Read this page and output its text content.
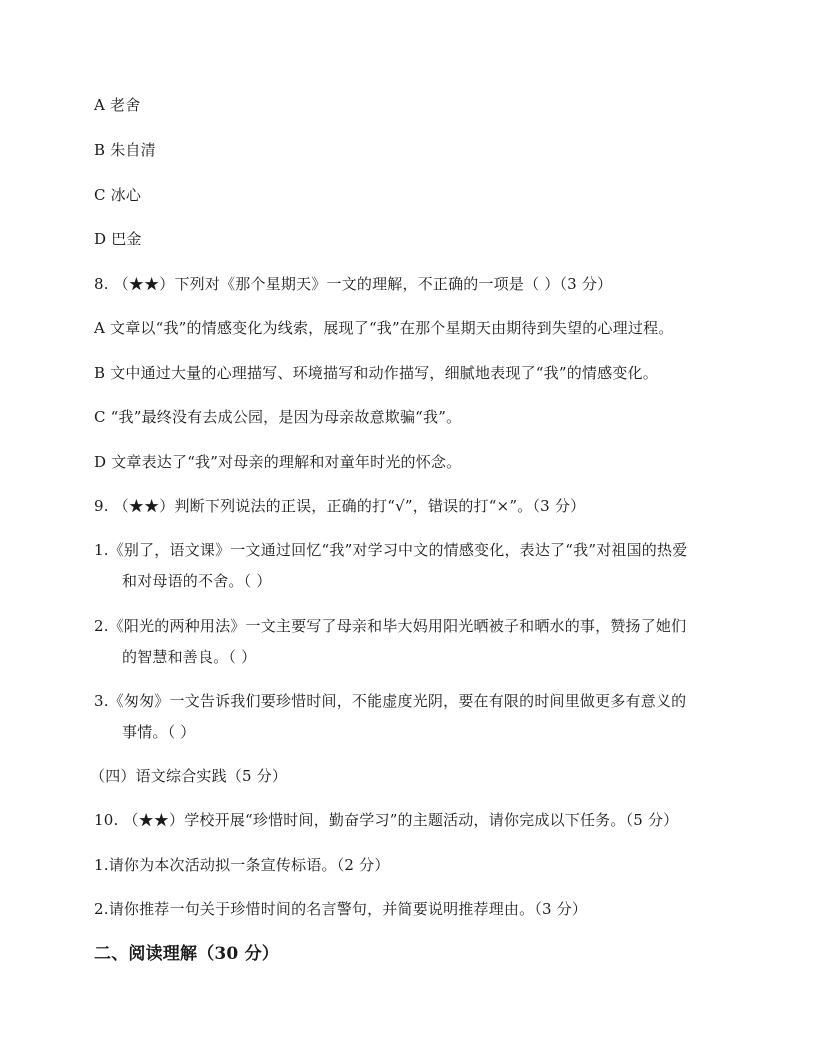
A 老舍
B 朱自清
C 冰心
D 巴金
8. （★★）下列对《那个星期天》一文的理解，不正确的一项是（ ）（3 分）
A 文章以“我”的情感变化为线索，展现了“我”在那个星期天由期待到失望的心理过程。
B 文中通过大量的心理描写、环境描写和动作描写，细腻地表现了“我”的情感变化。
C “我”最终没有去成公园，是因为母亲故意欺骗“我”。
D 文章表达了“我”对母亲的理解和对童年时光的怀念。
9. （★★）判断下列说法的正误，正确的打“√”，错误的打“×”。（3 分）
1.《别了，语文课》一文通过回忆“我”对学习中文的情感变化，表达了“我”对祖国的热爱
和对母语的不舍。（ ）
2.《阳光的两种用法》一文主要写了母亲和毕大妈用阳光晒被子和晒水的事，赞扬了她们
的智慧和善良。（ ）
3.《匆匆》一文告诉我们要珍惜时间，不能虚度光阴，要在有限的时间里做更多有意义的
事情。（ ）
（四）语文综合实践（5 分）
10. （★★）学校开展“珍惜时间，勤奋学习”的主题活动，请你完成以下任务。（5 分）
1.请你为本次活动拟一条宣传标语。（2 分）
2.请你推荐一句关于珍惜时间的名言警句，并简要说明推荐理由。（3 分）
二、阅读理解（30 分）
